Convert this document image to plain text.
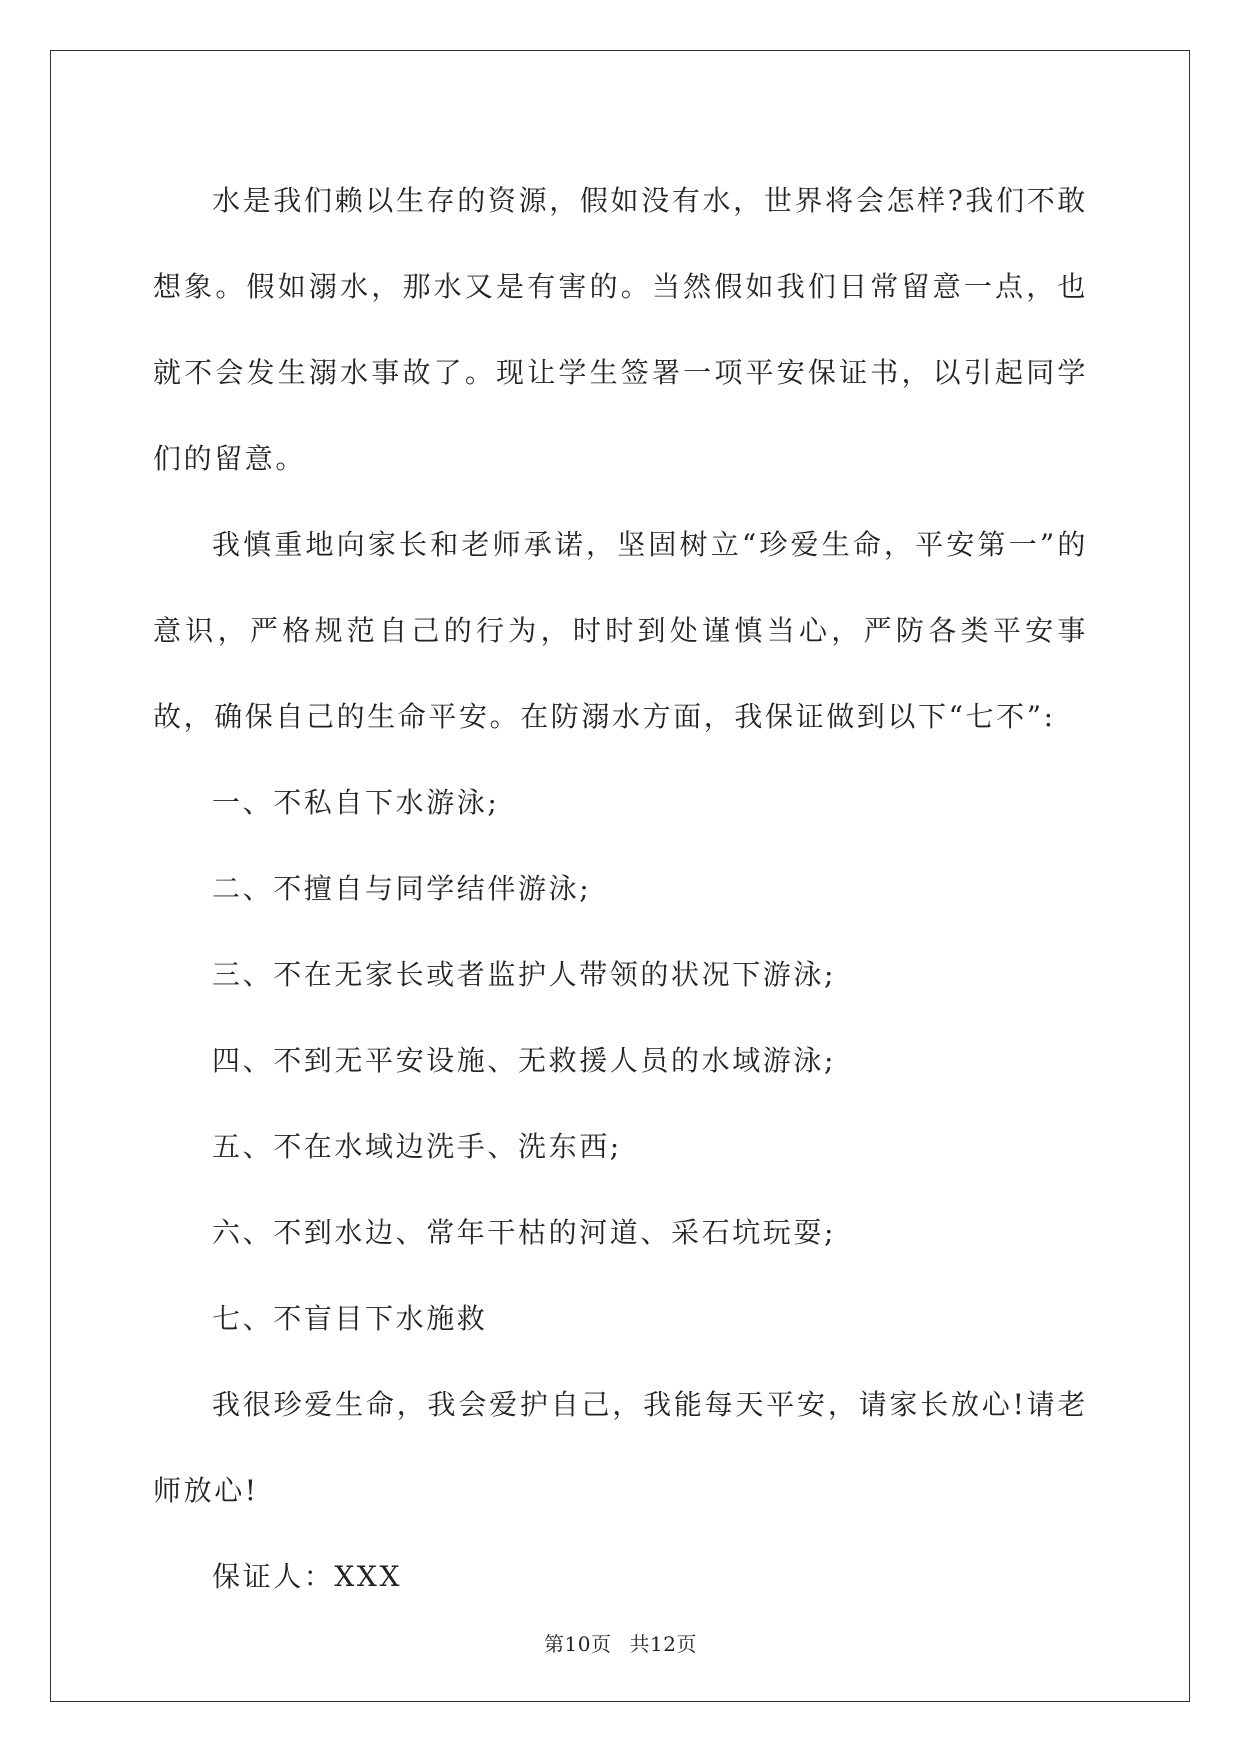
水是我们赖以生存的资源，假如没有水，世界将会怎样?我们不敢想象。假如溺水，那水又是有害的。当然假如我们日常留意一点，也就不会发生溺水事故了。现让学生签署一项平安保证书，以引起同学们的留意。

我慎重地向家长和老师承诺，坚固树立“珍爱生命，平安第一”的意识，严格规范自己的行为，时时到处谨慎当心，严防各类平安事故，确保自己的生命平安。在防溺水方面，我保证做到以下“七不”:

一、不私自下水游泳;

二、不擅自与同学结伴游泳;

三、不在无家长或者监护人带领的状况下游泳;

四、不到无平安设施、无救援人员的水域游泳;

五、不在水域边洗手、洗东西;

六、不到水边、常年干枯的河道、采石坑玩耍;

七、不盲目下水施救

我很珍爱生命，我会爱护自己，我能每天平安，请家长放心!请老师放心!

保证人：XXX

第10页 共12页
